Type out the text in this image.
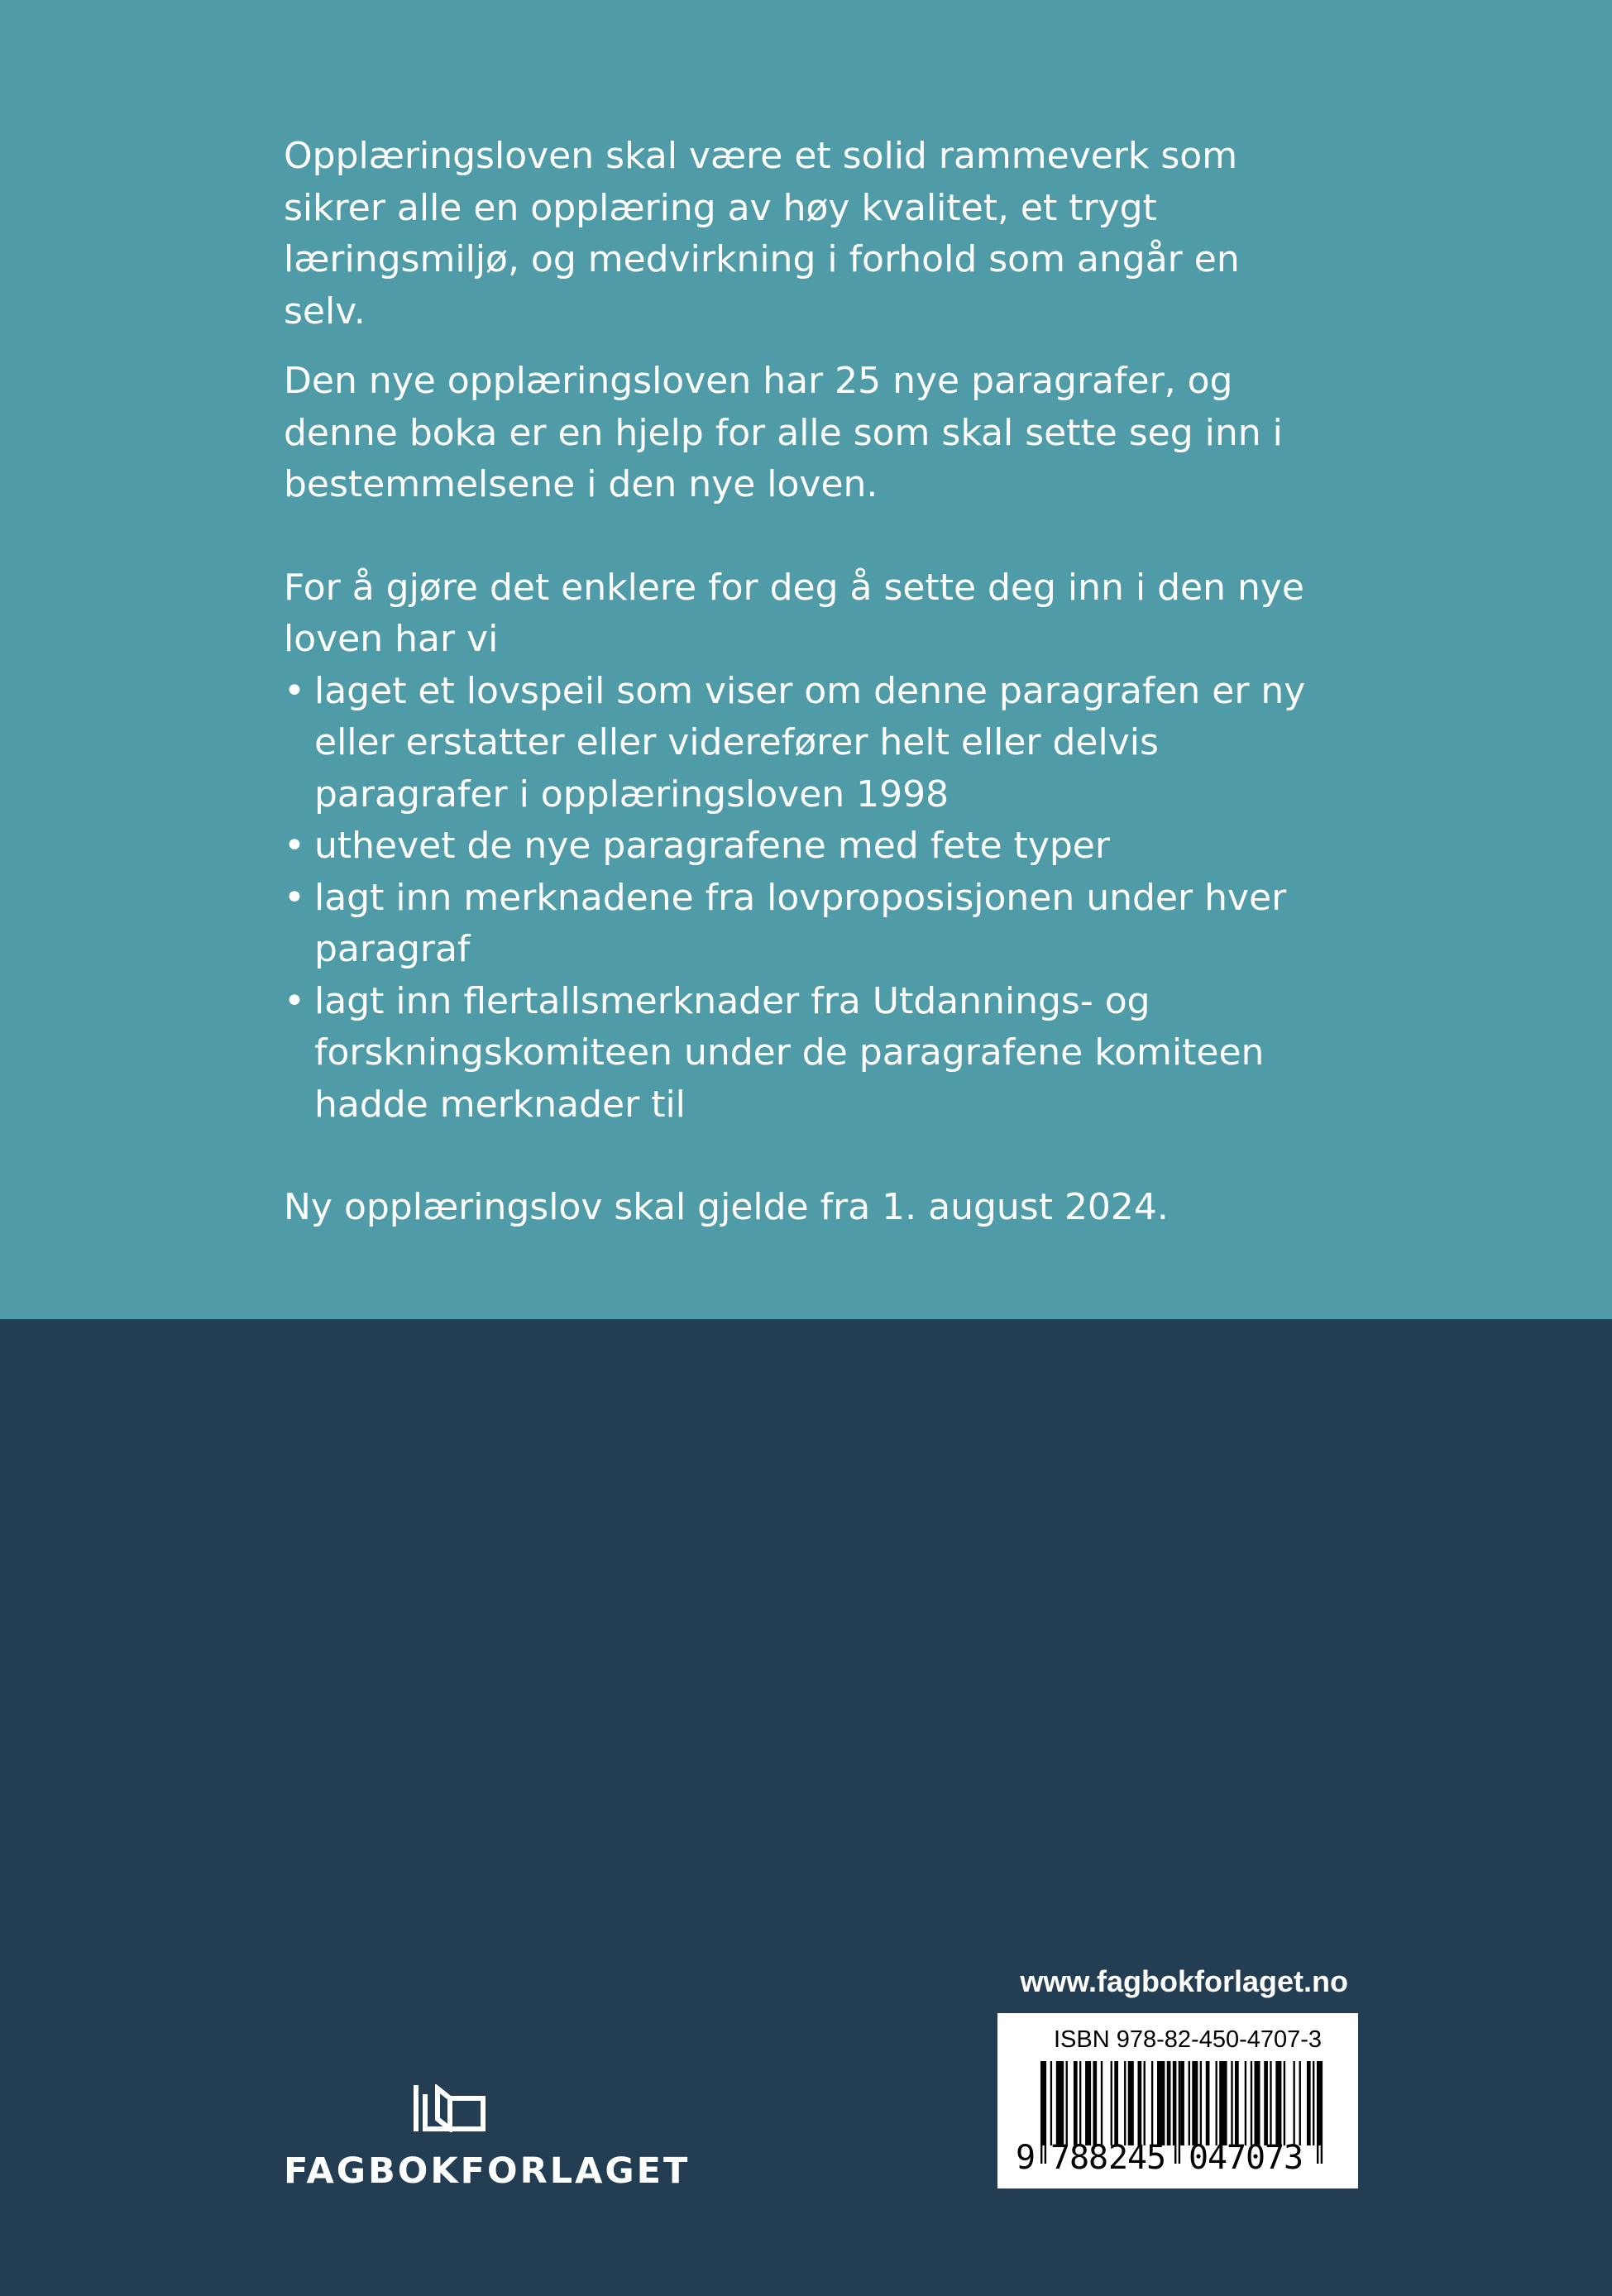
Opplæringsloven skal være et solid rammeverk som sikrer alle en opplæring av høy kvalitet, et trygt læringsmiljø, og medvirkning i forhold som angår en selv.

Den nye opplæringsloven har 25 nye paragrafer, og denne boka er en hjelp for alle som skal sette seg inn i bestemmelsene i den nye loven.

For å gjøre det enklere for deg å sette deg inn i den nye loven har vi

• laget et lovspeil som viser om denne paragrafen er ny eller erstatter eller viderefører helt eller delvis paragrafer i opplæringsloven 1998
• uthevet de nye paragrafene med fete typer
• lagt inn merknadene fra lovproposisjonen under hver paragraf
• lagt inn flertallsmerknader fra Utdannings- og forskningskomiteen under de paragrafene komiteen hadde merknader til

Ny opplæringslov skal gjelde fra 1. august 2024.

FAGBOKFORLAGET
www.fagbokforlaget.no
ISBN 978-82-450-4707-3
9 7
8
8 2
4
5 0
4
7
0
7
3
